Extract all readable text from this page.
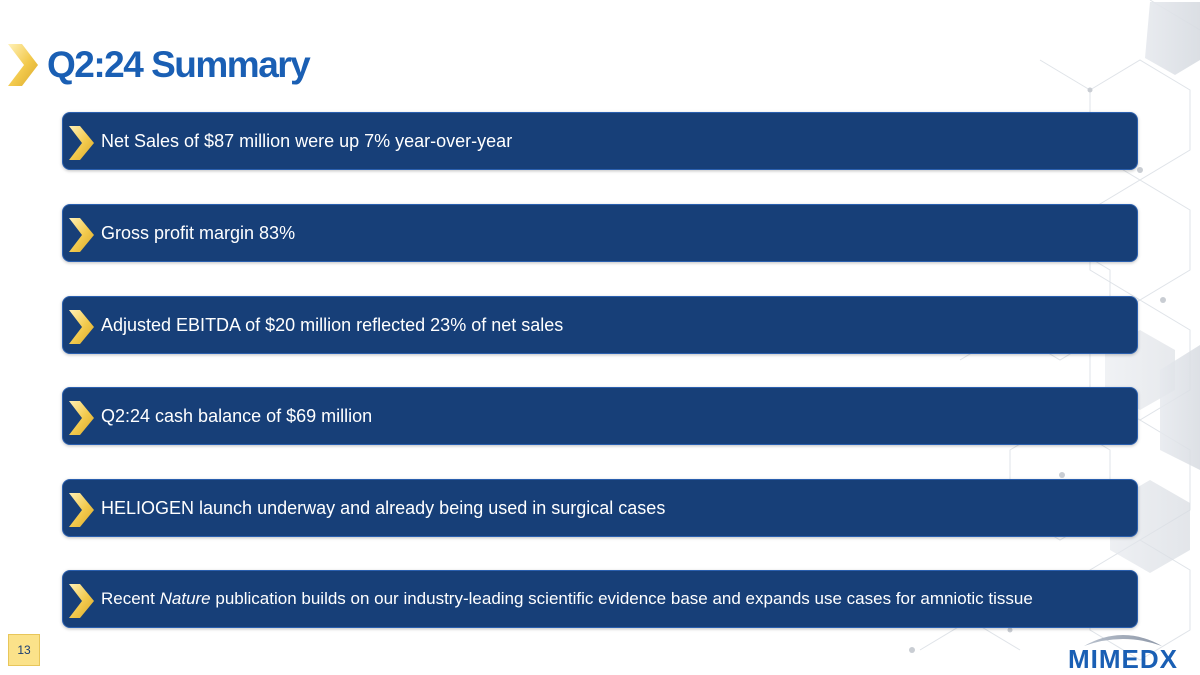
Q2:24 Summary
Net Sales of $87 million were up 7% year-over-year
Gross profit margin 83%
Adjusted EBITDA of $20 million reflected 23% of net sales
Q2:24 cash balance of $69 million
HELIOGEN launch underway and already being used in surgical cases
Recent Nature publication builds on our industry-leading scientific evidence base and expands use cases for amniotic tissue
13	MIMEDX
